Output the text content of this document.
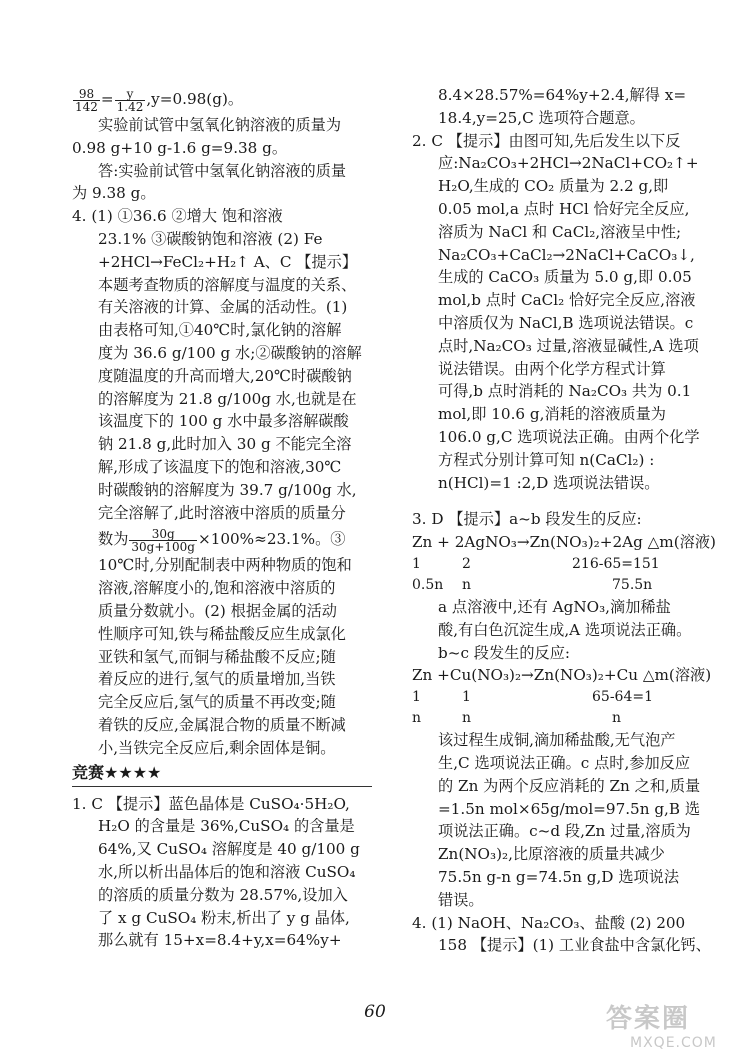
$\frac{98}{142} = \frac{y}{1.42} ,y=0.98(g)$。
实验前试管中氢氧化钠溶液的质量为
0.98 g+10 g-1.6 g=9.38 g。
答:实验前试管中氢氧化钠溶液的质量
为 9.38 g。
4. (1) ①36.6 ②增大 饱和溶液
23.1% ③碳酸钠饱和溶液 (2) Fe
+2HCl→FeCl₂+H₂↑ A、C 【提示】
本题考查物质的溶解度与温度的关系、
有关溶液的计算、金属的活动性。(1)
由表格可知,①40℃时,氯化钠的溶解
度为 36.6 g/100 g 水;②碳酸钠的溶解
度随温度的升高而增大,20℃时碳酸钠
的溶解度为 21.8 g/100g 水,也就是在
该温度下的 100 g 水中最多溶解碳酸
钠 21.8 g,此时加入 30 g 不能完全溶
解,形成了该温度下的饱和溶液,30℃
时碳酸钠的溶解度为 39.7 g/100g 水,
完全溶解了,此时溶液中溶质的质量分
数为 $\frac{30g}{30g+100g} \times 100\%\approx 23.1\%$。③
10℃时,分别配制表中两种物质的饱和
溶液,溶解度小的,饱和溶液中溶质的
质量分数就小。(2) 根据金属的活动
性顺序可知,铁与稀盐酸反应生成氯化
亚铁和氢气,而铜与稀盐酸不反应;随
着反应的进行,氢气的质量增加,当铁
完全反应后,氢气的质量不再改变;随
着铁的反应,金属混合物的质量不断减
小,当铁完全反应后,剩余固体是铜。
竞赛★★★★
1. C 【提示】蓝色晶体是 CuSO₄·5H₂O,
H₂O 的含量是 36%,CuSO₄ 的含量是
64%,又 CuSO₄ 溶解度是 40 g/100 g
水,所以析出晶体后的饱和溶液 CuSO₄
的溶质的质量分数为 28.57%,设加入
了 x g CuSO₄ 粉末,析出了 y g 晶体,
那么就有 15+x=8.4+y,x=64%y+
8.4×28.57%=64%y+2.4,解得 x=
18.4,y=25,C 选项符合题意。
2. C 【提示】由图可知,先后发生以下反
应:Na₂CO₃+2HCl→2NaCl+CO₂↑+
H₂O,生成的 CO₂ 质量为 2.2 g,即
0.05 mol,a 点时 HCl 恰好完全反应,
溶质为 NaCl 和 CaCl₂,溶液呈中性;
Na₂CO₃+CaCl₂→2NaCl+CaCO₃↓,
生成的 CaCO₃ 质量为 5.0 g,即 0.05
mol,b 点时 CaCl₂ 恰好完全反应,溶液
中溶质仅为 NaCl,B 选项说法错误。c
点时,Na₂CO₃ 过量,溶液显碱性,A 选项
说法错误。由两个化学方程式计算
可得,b 点时消耗的 Na₂CO₃ 共为 0.1
mol,即 10.6 g,消耗的溶液质量为
106.0 g,C 选项说法正确。由两个化学
方程式分别计算可知 n(CaCl₂) :
n(HCl)=1 :2,D 选项说法错误。
3. D 【提示】a~b 段发生的反应:
Zn + 2AgNO₃→Zn(NO₃)₂+2Ag △m(溶液)
1	2	216-65=151
0.5n	n	75.5n
a 点溶液中,还有 AgNO₃,滴加稀盐
酸,有白色沉淀生成,A 选项说法正确。
b~c 段发生的反应:
Zn +Cu(NO₃)₂→Zn(NO₃)₂+Cu △m(溶液)
1	1	65-64=1
n	n	n
该过程生成铜,滴加稀盐酸,无气泡产
生,C 选项说法正确。c 点时,参加反应
的 Zn 为两个反应消耗的 Zn 之和,质量
=1.5n mol×65g/mol=97.5n g,B 选
项说法正确。c~d 段,Zn 过量,溶质为
Zn(NO₃)₂,比原溶液的质量共减少
75.5n g-n g=74.5n g,D 选项说法
错误。
4. (1) NaOH、Na₂CO₃、盐酸 (2) 200
158 【提示】(1) 工业食盐中含氯化钙、
60	答案圈
MXQE.COM
